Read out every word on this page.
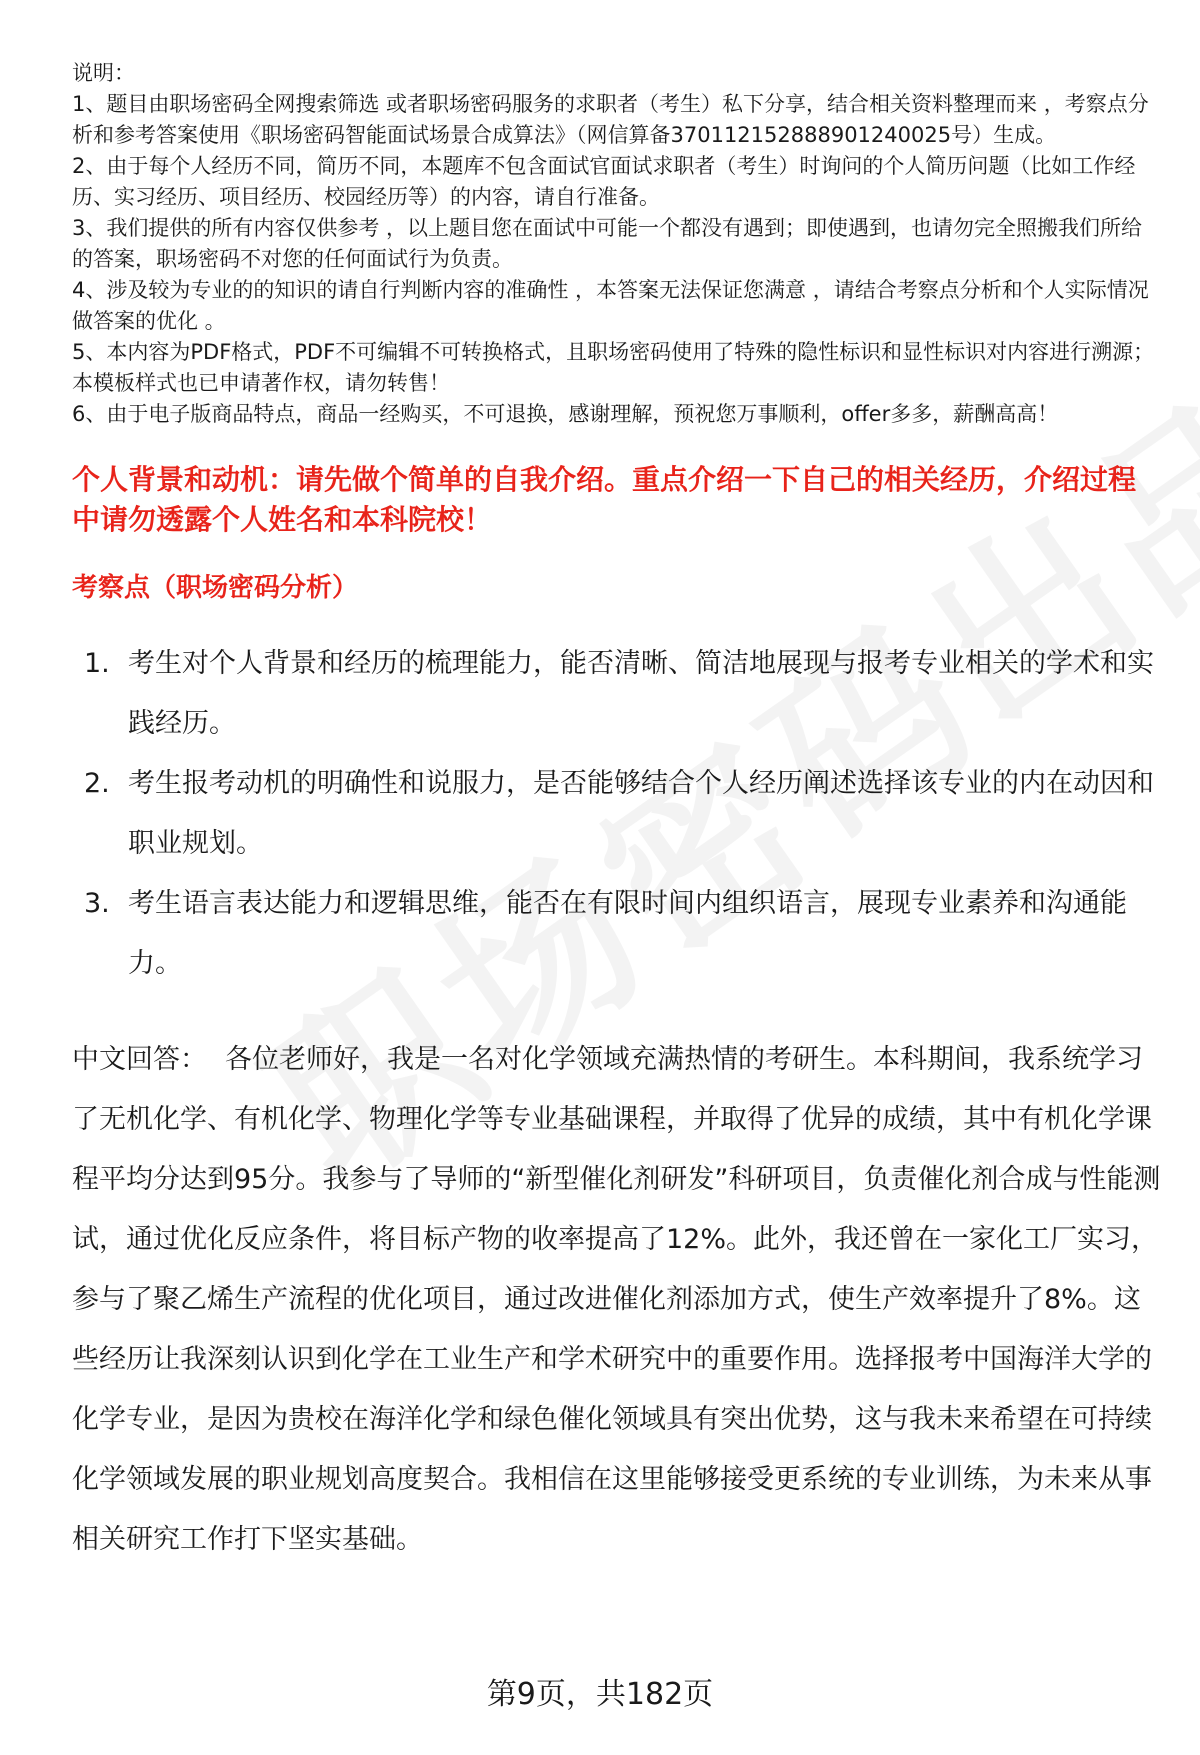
说明：

1、题目由职场密码全网搜索筛选 或者职场密码服务的求职者（考生）私下分享，结合相关资料整理而来 ，考察点分析和参考答案使用《职场密码智能面试场景合成算法》（网信算备370112152888901240025号）生成。

2、由于每个人经历不同，简历不同，本题库不包含面试官面试求职者（考生）时询问的个人简历问题（比如工作经历、实习经历、项目经历、校园经历等）的内容，请自行准备。

3、我们提供的所有内容仅供参考 ，以上题目您在面试中可能一个都没有遇到；即使遇到，也请勿完全照搬我们所给的答案，职场密码不对您的任何面试行为负责。

4、涉及较为专业的的知识的请自行判断内容的准确性 ，本答案无法保证您满意 ，请结合考察点分析和个人实际情况做答案的优化 。

5、本内容为PDF格式，PDF不可编辑不可转换格式，且职场密码使用了特殊的隐性标识和显性标识对内容进行溯源；本模板样式也已申请著作权，请勿转售！

6、由于电子版商品特点，商品一经购买，不可退换，感谢理解，预祝您万事顺利，offer多多，薪酬高高！

个人背景和动机：请先做个简单的自我介绍。重点介绍一下自己的相关经历，介绍过程中请勿透露个人姓名和本科院校！
考察点（职场密码分析）
1. 考生对个人背景和经历的梳理能力，能否清晰、简洁地展现与报考专业相关的学术和实践经历。
2. 考生报考动机的明确性和说服力，是否能够结合个人经历阐述选择该专业的内在动因和职业规划。
3. 考生语言表达能力和逻辑思维，能否在有限时间内组织语言，展现专业素养和沟通能力。
中文回答： 各位老师好，我是一名对化学领域充满热情的考研生。本科期间，我系统学习了无机化学、有机化学、物理化学等专业基础课程，并取得了优异的成绩，其中有机化学课程平均分达到95分。我参与了导师的“新型催化剂研发”科研项目，负责催化剂合成与性能测试，通过优化反应条件，将目标产物的收率提高了12%。此外，我还曾在一家化工厂实习，参与了聚乙烯生产流程的优化项目，通过改进催化剂添加方式，使生产效率提升了8%。这些经历让我深刻认识到化学在工业生产和学术研究中的重要作用。选择报考中国海洋大学的化学专业，是因为贵校在海洋化学和绿色催化领域具有突出优势，这与我未来希望在可持续化学领域发展的职业规划高度契合。我相信在这里能够接受更系统的专业训练，为未来从事相关研究工作打下坚实基础。
第9页，共182页
